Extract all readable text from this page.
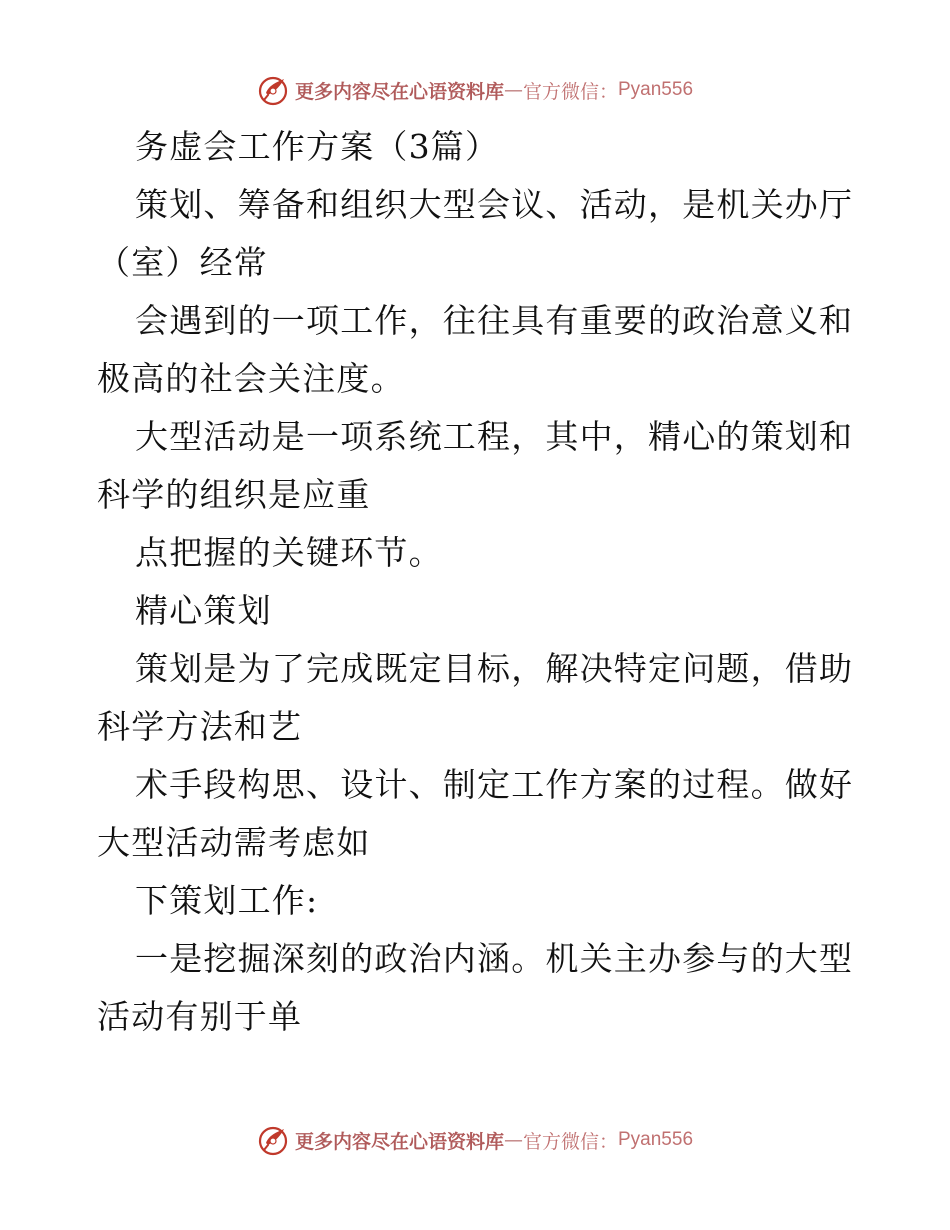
更多内容尽在心语资料库 — 官方微信： Pyan556
务虚会工作方案（3篇）
策划、筹备和组织大型会议、活动，是机关办厅
（室）经常
会遇到的一项工作，往往具有重要的政治意义和
极高的社会关注度。
大型活动是一项系统工程，其中，精心的策划和
科学的组织是应重
点把握的关键环节。
精心策划
策划是为了完成既定目标，解决特定问题，借助
科学方法和艺
术手段构思、设计、制定工作方案的过程。做好
大型活动需考虑如
下策划工作:
一是挖掘深刻的政治内涵。机关主办参与的大型
活动有别于单
更多内容尽在心语资料库 — 官方微信： Pyan556
